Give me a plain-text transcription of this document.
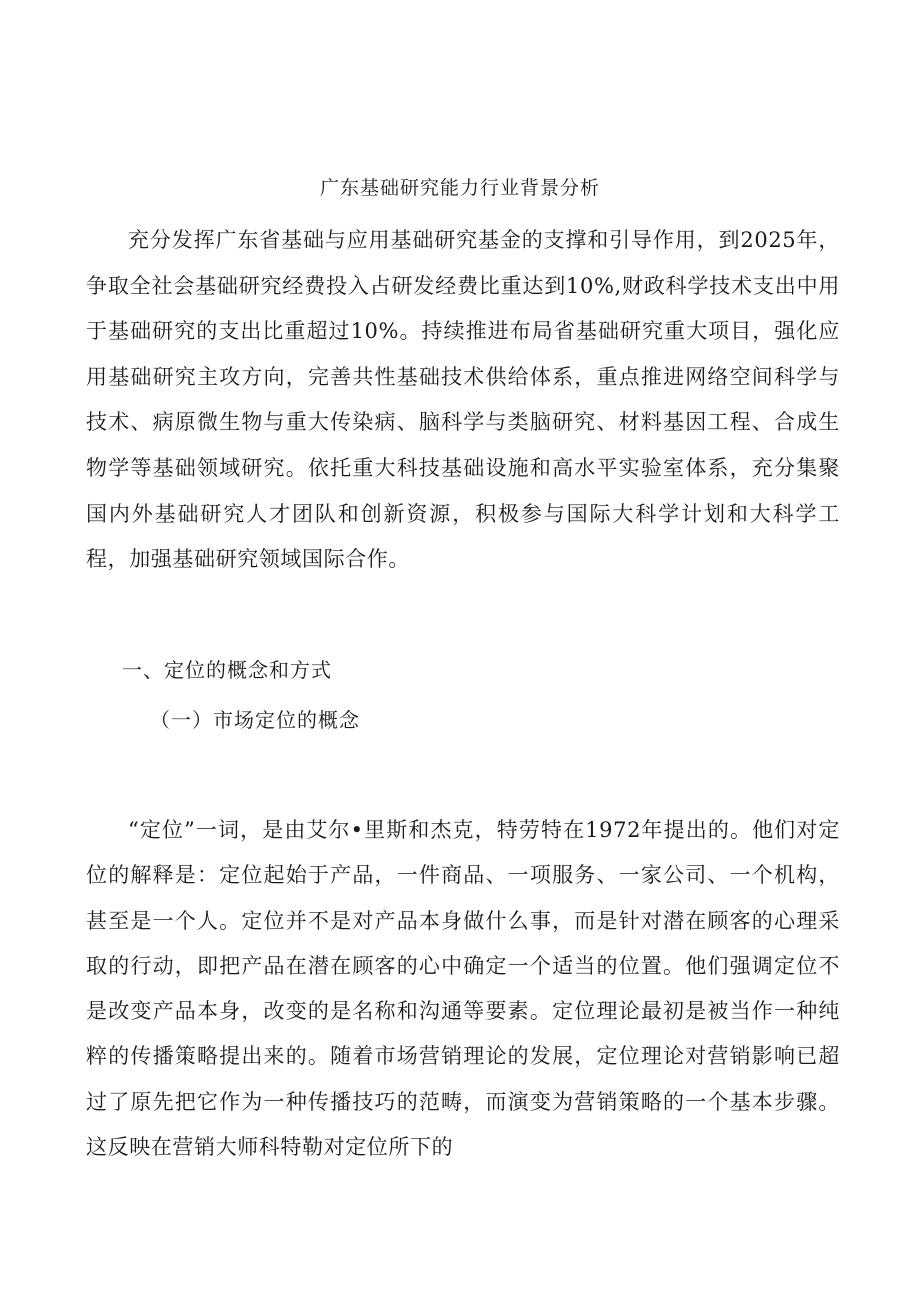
广东基础研究能力行业背景分析

充分发挥广东省基础与应用基础研究基金的支撑和引导作用，到2025年，争取全社会基础研究经费投入占研发经费比重达到10%,财政科学技术支出中用于基础研究的支出比重超过10%。持续推进布局省基础研究重大项目，强化应用基础研究主攻方向，完善共性基础技术供给体系，重点推进网络空间科学与技术、病原微生物与重大传染病、脑科学与类脑研究、材料基因工程、合成生物学等基础领域研究。依托重大科技基础设施和高水平实验室体系，充分集聚国内外基础研究人才团队和创新资源，积极参与国际大科学计划和大科学工程，加强基础研究领域国际合作。

一、定位的概念和方式
（一）市场定位的概念

“定位”一词，是由艾尔•里斯和杰克，特劳特在1972年提出的。他们对定位的解释是：定位起始于产品，一件商品、一项服务、一家公司、一个机构，甚至是一个人。定位并不是对产品本身做什么事，而是针对潜在顾客的心理采取的行动，即把产品在潜在顾客的心中确定一个适当的位置。他们强调定位不是改变产品本身，改变的是名称和沟通等要素。定位理论最初是被当作一种纯粹的传播策略提出来的。随着市场营销理论的发展，定位理论对营销影响已超过了原先把它作为一种传播技巧的范畴，而演变为营销策略的一个基本步骤。这反映在营销大师科特勒对定位所下的
